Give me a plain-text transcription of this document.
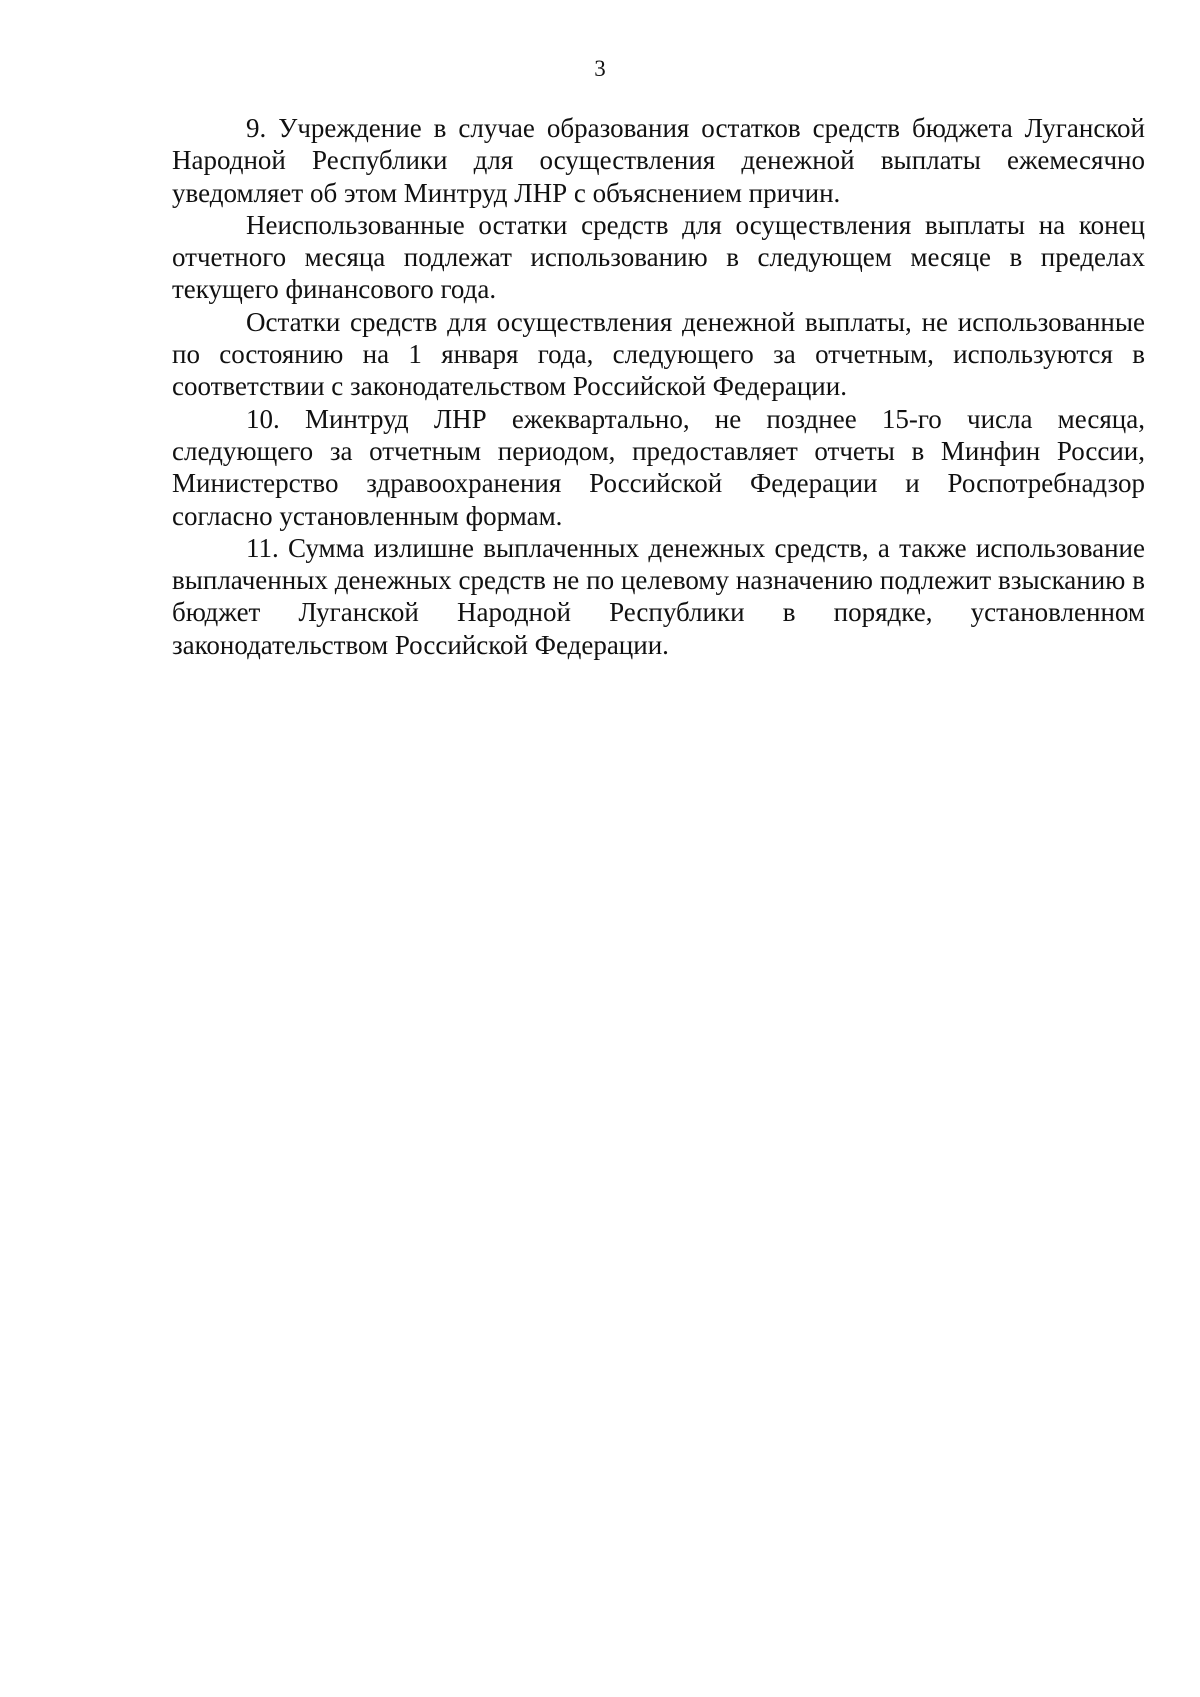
3

9. Учреждение в случае образования остатков средств бюджета Луганской Народной Республики для осуществления денежной выплаты ежемесячно уведомляет об этом Минтруд ЛНР с объяснением причин.

Неиспользованные остатки средств для осуществления выплаты на конец отчетного месяца подлежат использованию в следующем месяце в пределах текущего финансового года.

Остатки средств для осуществления денежной выплаты, не использованные по состоянию на 1 января года, следующего за отчетным, используются в соответствии с законодательством Российской Федерации.

10. Минтруд ЛНР ежеквартально, не позднее 15-го числа месяца, следующего за отчетным периодом, предоставляет отчеты в Минфин России, Министерство здравоохранения Российской Федерации и Роспотребнадзор согласно установленным формам.

11. Сумма излишне выплаченных денежных средств, а также использование выплаченных денежных средств не по целевому назначению подлежит взысканию в бюджет Луганской Народной Республики в порядке, установленном законодательством Российской Федерации.
